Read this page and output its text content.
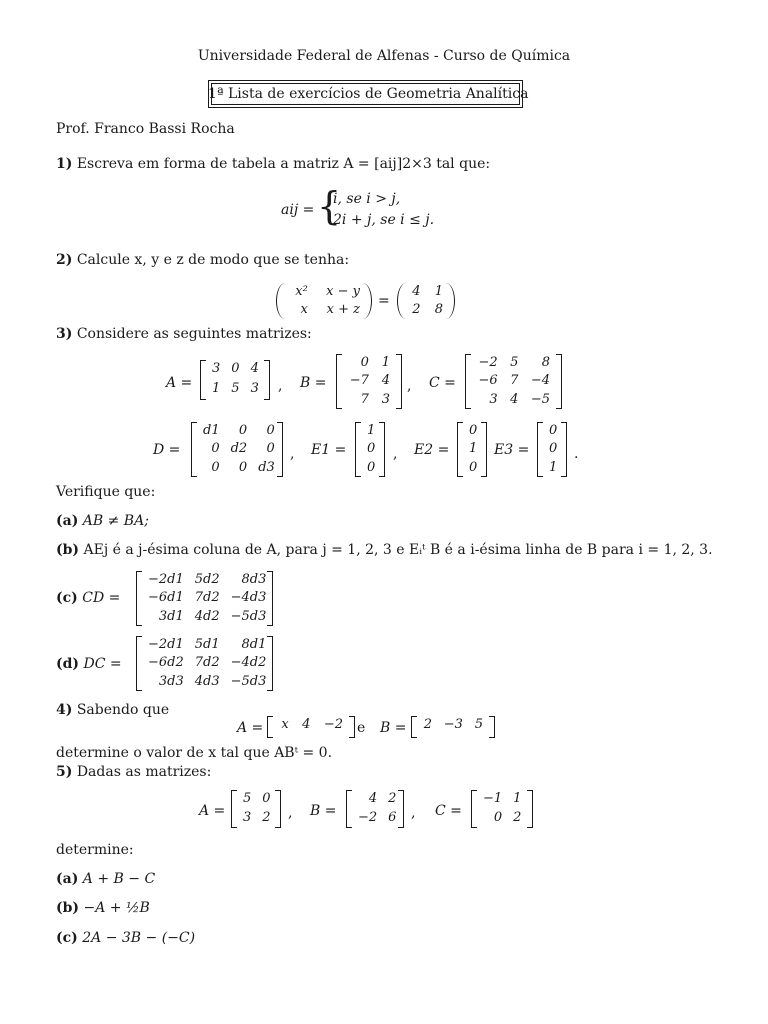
Universidade Federal de Alfenas - Curso de Química
1ª Lista de exercícios de Geometria Analítica
Prof. Franco Bassi Rocha
1) Escreva em forma de tabela a matriz A = [aij]2×3 tal que:
aij = {
i, se i > j,
2i + j, se i ≤ j.
2) Calcule x, y e z de modo que se tenha:
x²	x − y
x	x + z
=
4 1
2 8
3) Considere as seguintes matrizes:
A =
3 0 4
1 5 3 , B =
0 1
−7 4
7 3
, C =
−2 5	8
−6 7 −4
3 4 −5
D =
d1	0	0
0 d2	0
0	0 d3
, E1 =
1
0
0
, E2 =
0
1
0
E3 =
0
0
1
.
Verifique que:
(a) AB ≠ BA;
(b) AEj é a j-ésima coluna de A, para j = 1, 2, 3 e Eᵢᵗ B é a i-ésima linha de B para i = 1, 2, 3.
(c) CD =
−2d1 5d2	8d3
−6d1 7d2 −4d3
3d1 4d2 −5d3
(d) DC =
−2d1 5d1	8d1
−6d2 7d2 −4d2
3d3 4d3 −5d3
4) Sabendo que
A = x 4 −2 e B = 2 −3 5
determine o valor de x tal que ABᵗ = 0.
5) Dadas as matrizes:
A =
5 0
3 2 , B =
4 2
−2 6 , C =
−1 1
0 2
determine:
(a) A + B − C
(b) −A + ½B
(c) 2A − 3B − (−C)
